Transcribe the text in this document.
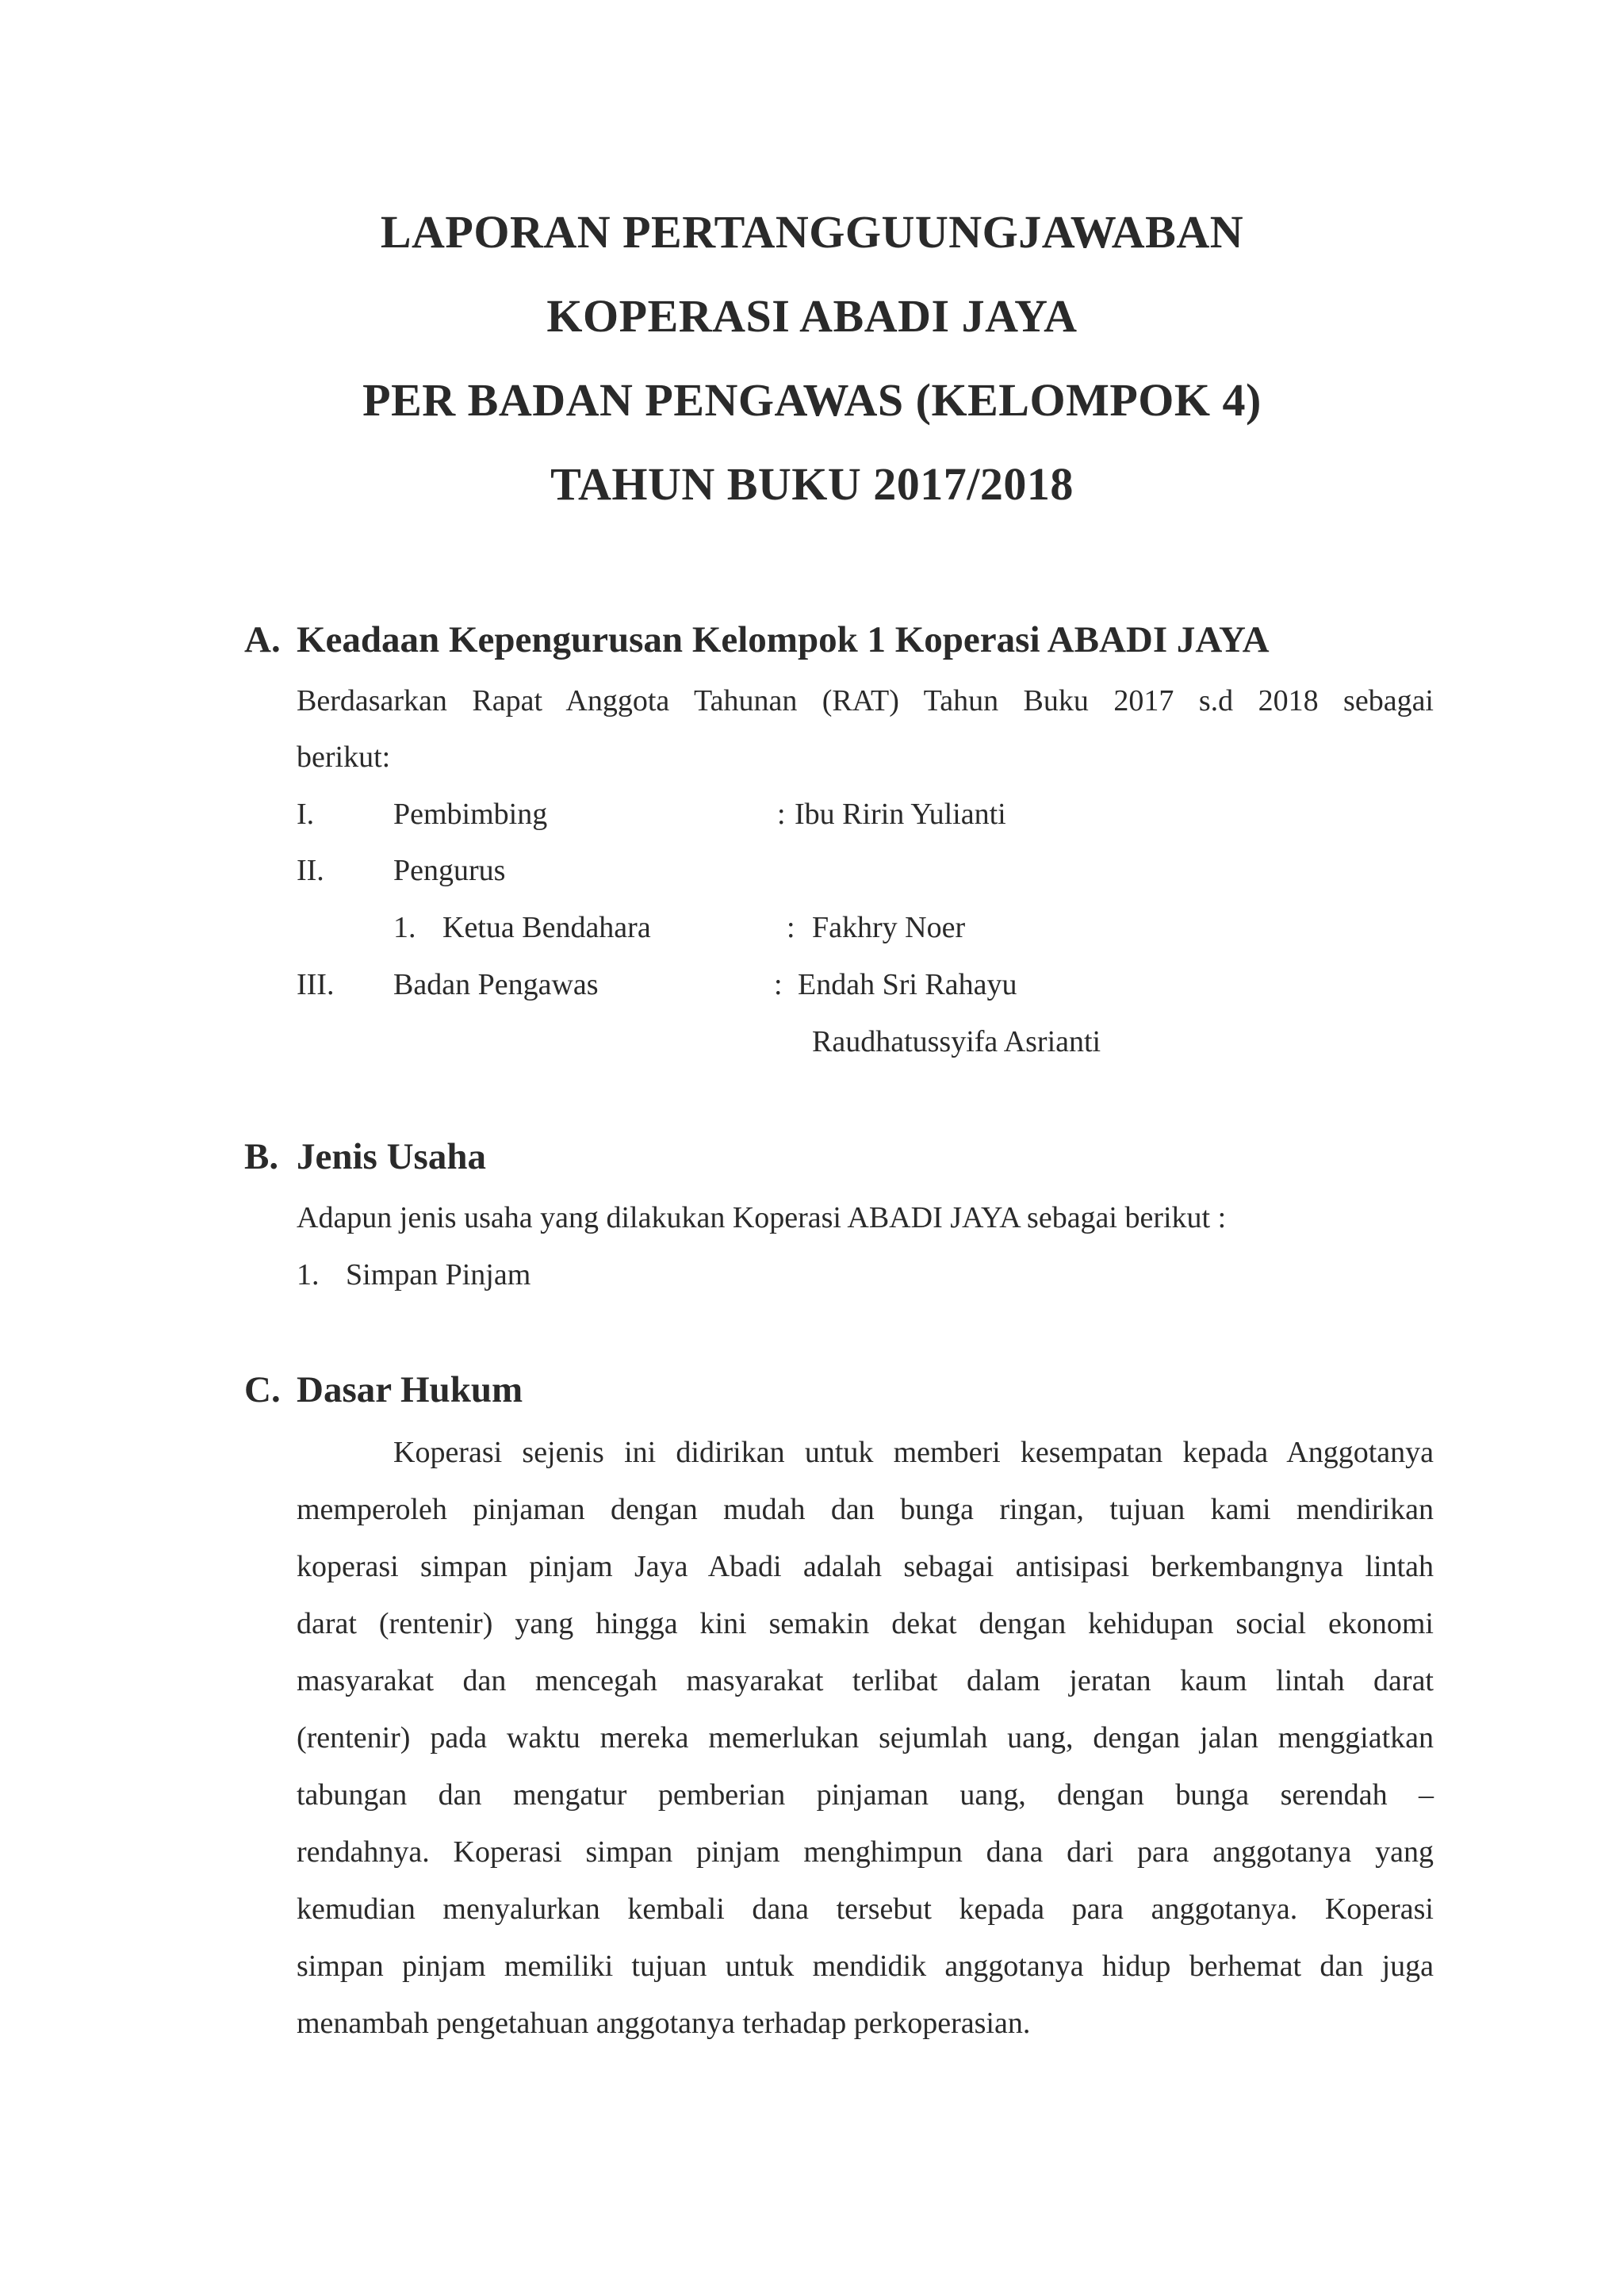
LAPORAN PERTANGGUUNGJAWABAN
KOPERASI ABADI JAYA
PER BADAN PENGAWAS (KELOMPOK 4)
TAHUN BUKU 2017/2018
A. Keadaan Kepengurusan Kelompok 1 Koperasi ABADI JAYA
Berdasarkan Rapat Anggota Tahunan (RAT) Tahun Buku 2017 s.d 2018 sebagai
berikut:
I.	Pembimbing	: Ibu Ririn Yulianti
II. Pengurus
1. Ketua Bendahara	: Fakhry Noer
III. Badan Pengawas	: Endah Sri Rahayu
Raudhatussyifa Asrianti
B. Jenis Usaha
Adapun jenis usaha yang dilakukan Koperasi ABADI JAYA sebagai berikut :
1. Simpan Pinjam
C. Dasar Hukum
Koperasi sejenis ini didirikan untuk memberi kesempatan kepada Anggotanya
memperoleh pinjaman dengan mudah dan bunga ringan, tujuan kami mendirikan
koperasi simpan pinjam Jaya Abadi adalah sebagai antisipasi berkembangnya lintah
darat (rentenir) yang hingga kini semakin dekat dengan kehidupan social ekonomi
masyarakat dan mencegah masyarakat terlibat dalam jeratan kaum lintah darat
(rentenir) pada waktu mereka memerlukan sejumlah uang, dengan jalan menggiatkan
tabungan dan mengatur pemberian pinjaman uang, dengan bunga serendah –
rendahnya. Koperasi simpan pinjam menghimpun dana dari para anggotanya yang
kemudian menyalurkan kembali dana tersebut kepada para anggotanya. Koperasi
simpan pinjam memiliki tujuan untuk mendidik anggotanya hidup berhemat dan juga
menambah pengetahuan anggotanya terhadap perkoperasian.
